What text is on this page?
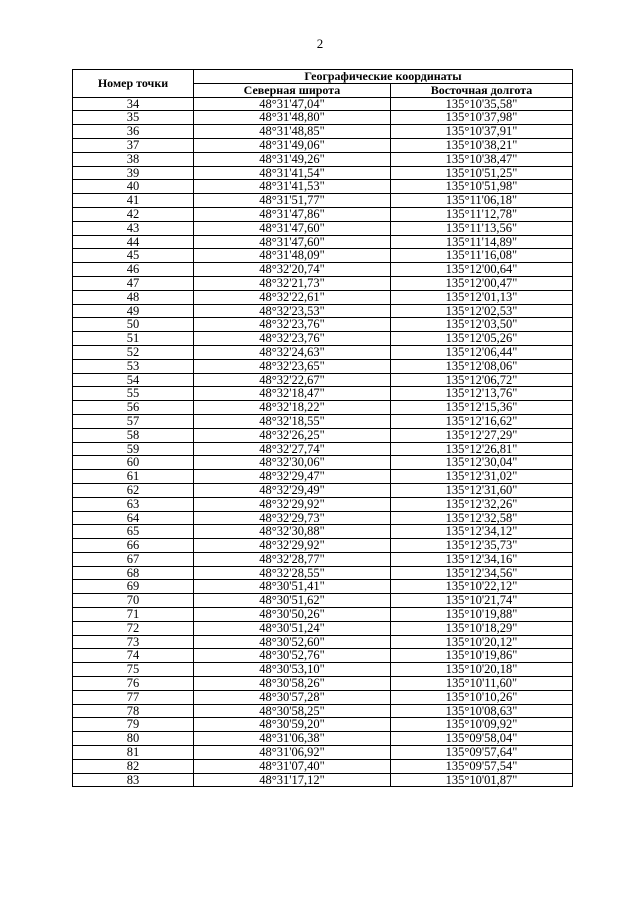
2
Номер точки	Географические координаты	
	Северная широта	Восточная долгота
34	48°31'47,04"	135°10'35,58"
35	48°31'48,80"	135°10'37,98"
36	48°31'48,85"	135°10'37,91"
37	48°31'49,06"	135°10'38,21"
38	48°31'49,26"	135°10'38,47"
39	48°31'41,54"	135°10'51,25"
40	48°31'41,53"	135°10'51,98"
41	48°31'51,77"	135°11'06,18"
42	48°31'47,86"	135°11'12,78"
43	48°31'47,60"	135°11'13,56"
44	48°31'47,60"	135°11'14,89"
45	48°31'48,09"	135°11'16,08"
46	48°32'20,74"	135°12'00,64"
47	48°32'21,73"	135°12'00,47"
48	48°32'22,61"	135°12'01,13"
49	48°32'23,53"	135°12'02,53"
50	48°32'23,76"	135°12'03,50"
51	48°32'23,76"	135°12'05,26"
52	48°32'24,63"	135°12'06,44"
53	48°32'23,65"	135°12'08,06"
54	48°32'22,67"	135°12'06,72"
55	48°32'18,47"	135°12'13,76"
56	48°32'18,22"	135°12'15,36"
57	48°32'18,55"	135°12'16,62"
58	48°32'26,25"	135°12'27,29"
59	48°32'27,74"	135°12'26,81"
60	48°32'30,06"	135°12'30,04"
61	48°32'29,47"	135°12'31,02"
62	48°32'29,49"	135°12'31,60"
63	48°32'29,92"	135°12'32,26"
64	48°32'29,73"	135°12'32,58"
65	48°32'30,88"	135°12'34,12"
66	48°32'29,92"	135°12'35,73"
67	48°32'28,77"	135°12'34,16"
68	48°32'28,55"	135°12'34,56"
69	48°30'51,41"	135°10'22,12"
70	48°30'51,62"	135°10'21,74"
71	48°30'50,26"	135°10'19,88"
72	48°30'51,24"	135°10'18,29"
73	48°30'52,60"	135°10'20,12"
74	48°30'52,76"	135°10'19,86"
75	48°30'53,10"	135°10'20,18"
76	48°30'58,26"	135°10'11,60"
77	48°30'57,28"	135°10'10,26"
78	48°30'58,25"	135°10'08,63"
79	48°30'59,20"	135°10'09,92"
80	48°31'06,38"	135°09'58,04"
81	48°31'06,92"	135°09'57,64"
82	48°31'07,40"	135°09'57,54"
83	48°31'17,12"	135°10'01,87"
